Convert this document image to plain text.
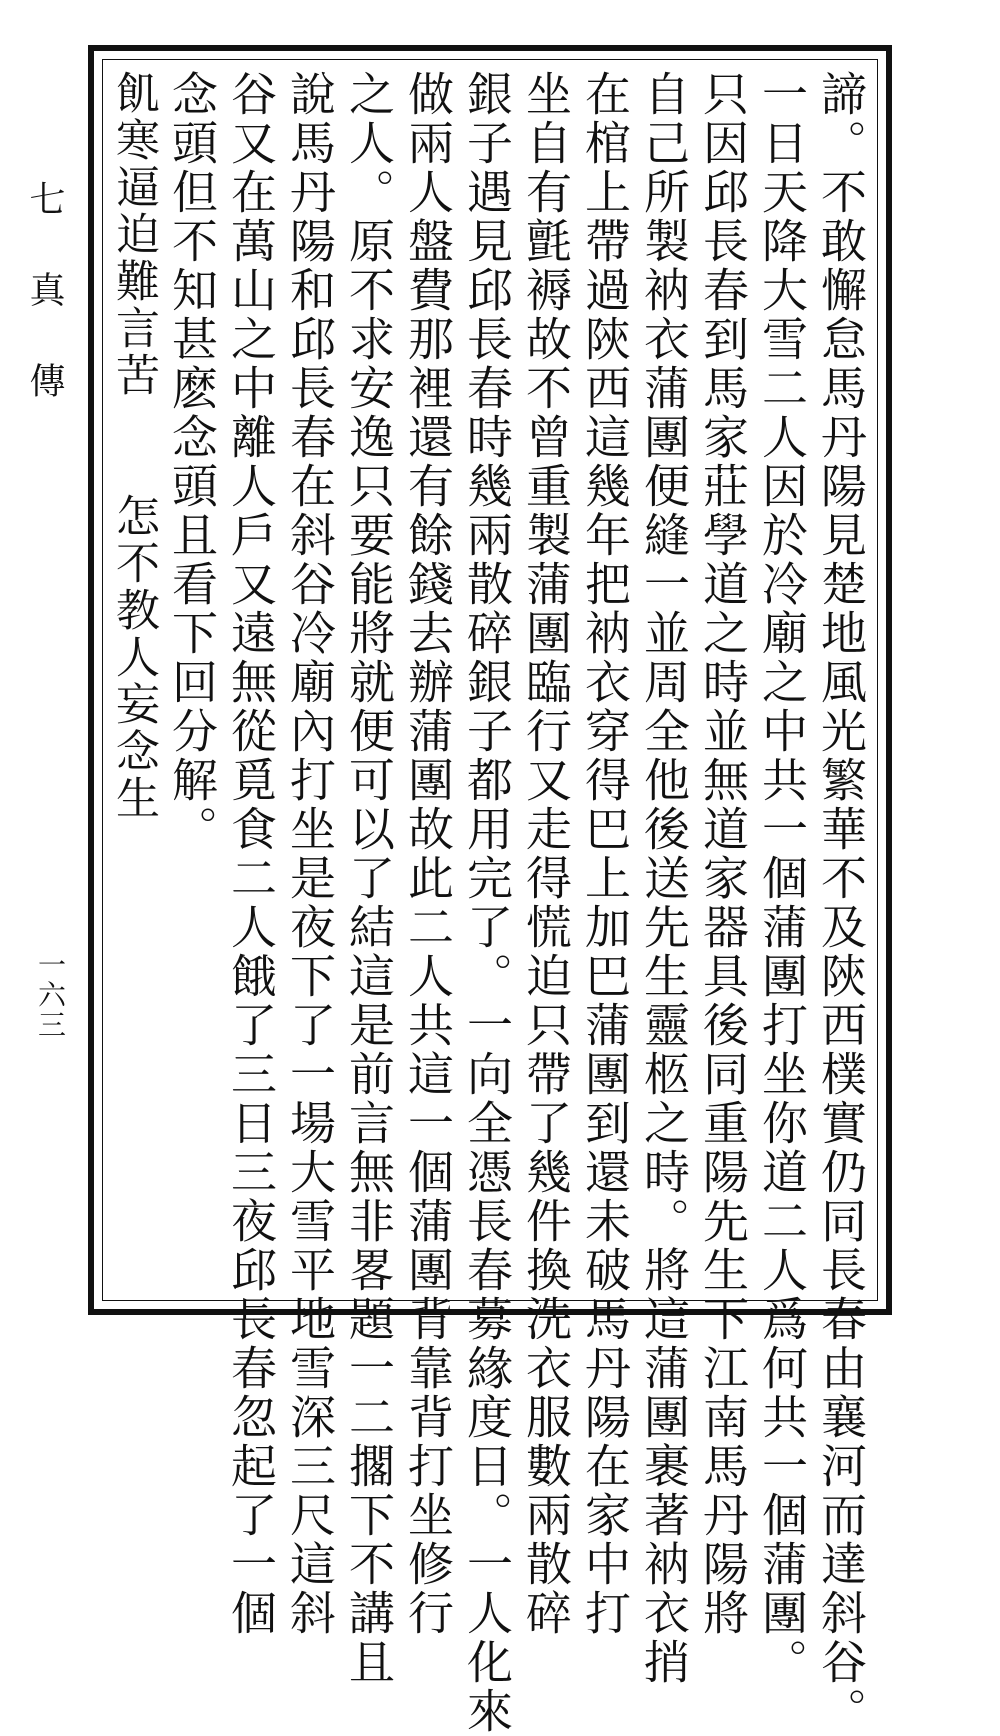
七真傳
一六三	諦。不敢懈怠馬丹陽見楚地風光繁華不及陝西樸實仍同長春由襄河而達斜谷。
一日天降大雪二人因於冷廟之中共一個蒲團打坐你道二人爲何共一個蒲團。
只因邱長春到馬家莊學道之時並無道家器具後同重陽先生下江南馬丹陽將
自己所製衲衣蒲團便縫一並周全他後送先生靈柩之時。將這蒲團裹著衲衣捎
在棺上帶過陝西這幾年把衲衣穿得巴上加巴蒲團到還未破馬丹陽在家中打
坐自有氈褥故不曾重製蒲團臨行又走得慌迫只帶了幾件換洗衣服數兩散碎
銀子遇見邱長春時幾兩散碎銀子都用完了。一向全憑長春募緣度日。一人化來
做兩人盤費那裡還有餘錢去辦蒲團故此二人共這一個蒲團背靠背打坐修行
之人。原不求安逸只要能將就便可以了結這是前言無非畧題一二擱下不講且
說馬丹陽和邱長春在斜谷冷廟內打坐是夜下了一場大雪平地雪深三尺這斜
谷又在萬山之中離人戶又遠無從覓食二人餓了三日三夜邱長春忽起了一個
念頭但不知甚麽念頭且看下回分解。
飢寒逼迫難言苦　　怎不教人妄念生
